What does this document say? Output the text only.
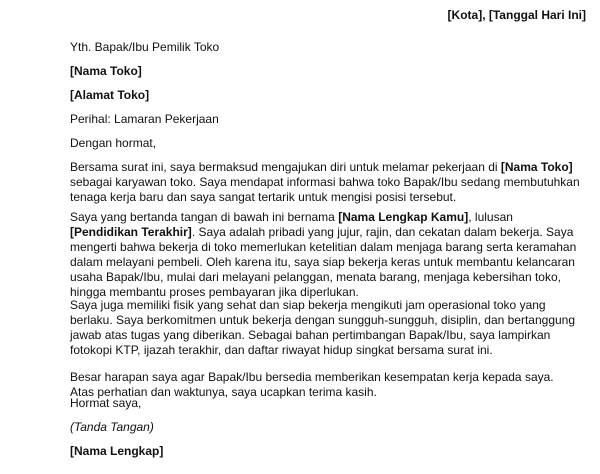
[Kota], [Tanggal Hari Ini]
Yth. Bapak/Ibu Pemilik Toko
[Nama Toko]
[Alamat Toko]
Perihal: Lamaran Pekerjaan
Dengan hormat,
Bersama surat ini, saya bermaksud mengajukan diri untuk melamar pekerjaan di [Nama Toko]
sebagai karyawan toko. Saya mendapat informasi bahwa toko Bapak/Ibu sedang membutuhkan
tenaga kerja baru dan saya sangat tertarik untuk mengisi posisi tersebut.
Saya yang bertanda tangan di bawah ini bernama [Nama Lengkap Kamu], lulusan
[Pendidikan Terakhir]. Saya adalah pribadi yang jujur, rajin, dan cekatan dalam bekerja. Saya
mengerti bahwa bekerja di toko memerlukan ketelitian dalam menjaga barang serta keramahan
dalam melayani pembeli. Oleh karena itu, saya siap bekerja keras untuk membantu kelancaran
usaha Bapak/Ibu, mulai dari melayani pelanggan, menata barang, menjaga kebersihan toko,
hingga membantu proses pembayaran jika diperlukan.
Saya juga memiliki fisik yang sehat dan siap bekerja mengikuti jam operasional toko yang
berlaku. Saya berkomitmen untuk bekerja dengan sungguh-sungguh, disiplin, dan bertanggung
jawab atas tugas yang diberikan. Sebagai bahan pertimbangan Bapak/Ibu, saya lampirkan
fotokopi KTP, ijazah terakhir, dan daftar riwayat hidup singkat bersama surat ini.
Besar harapan saya agar Bapak/Ibu bersedia memberikan kesempatan kerja kepada saya.
Atas perhatian dan waktunya, saya ucapkan terima kasih.
Hormat saya,
(Tanda Tangan)
[Nama Lengkap]
